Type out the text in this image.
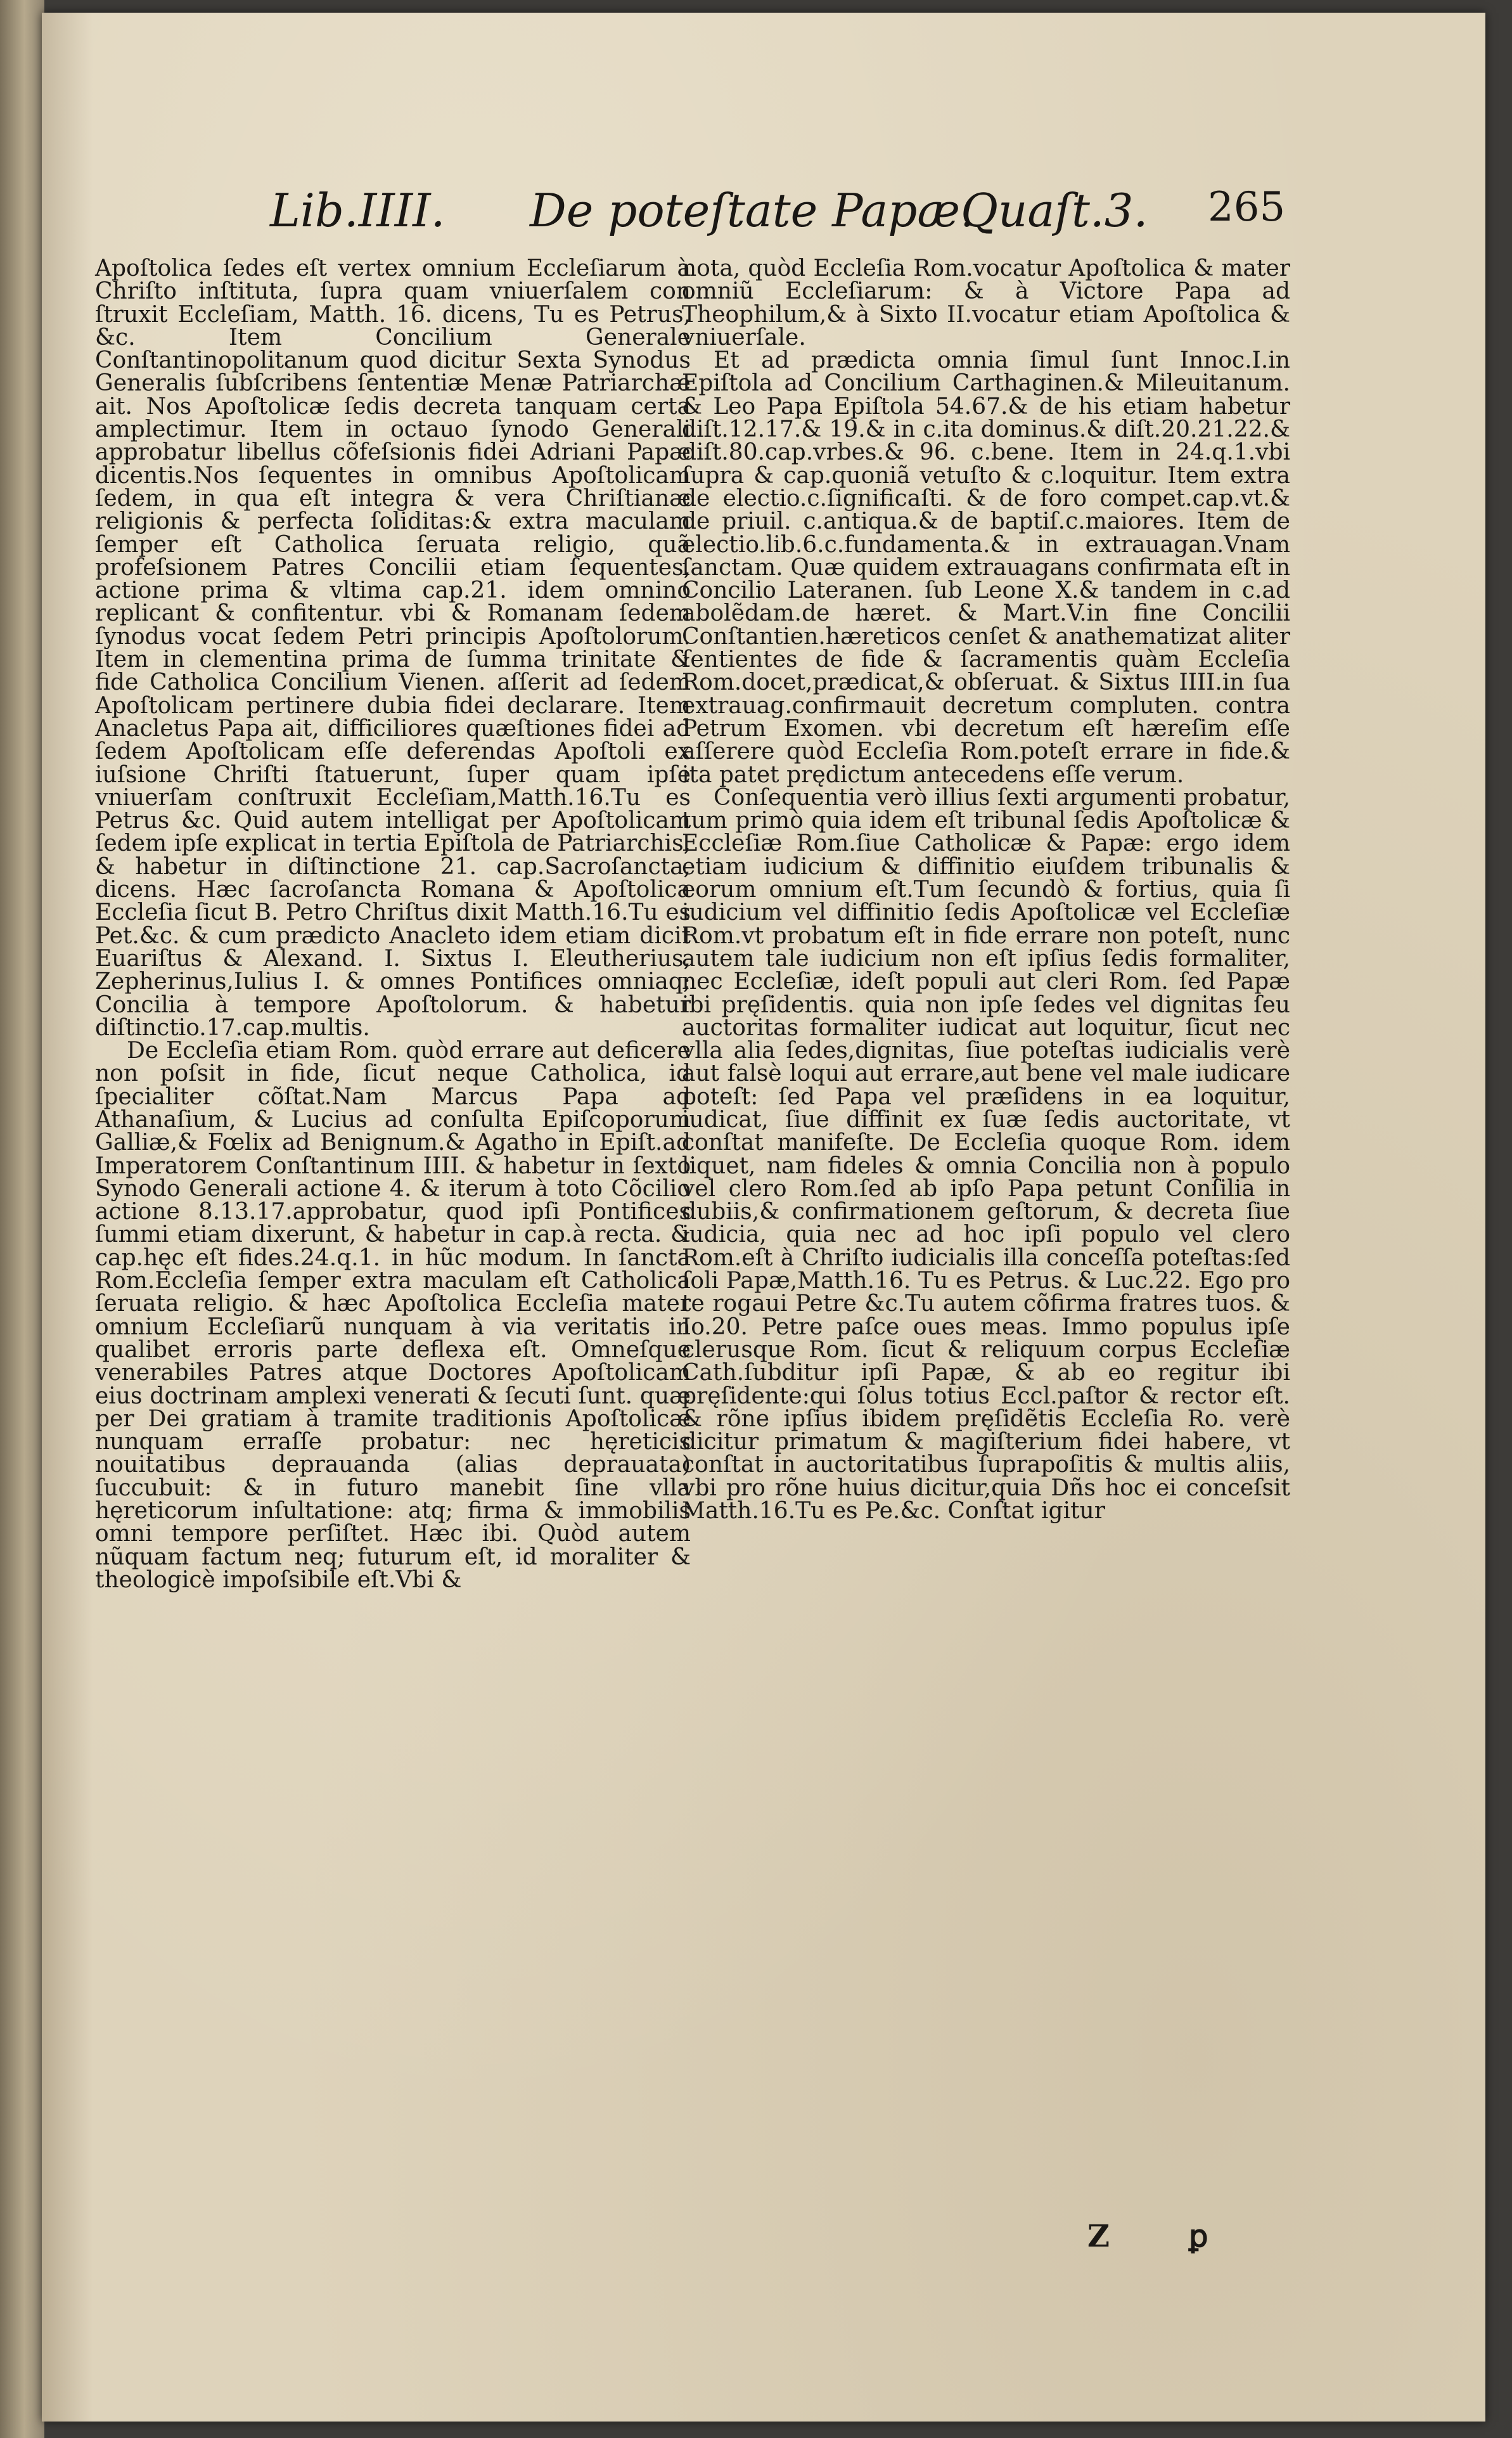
Lib.IIII. De poteſtate Papæ.
Quaſt.3. 265

Apoſtolica ſedes eſt vertex omnium Eccleſiarum à Chriſto inſtituta, ſupra quam vniuerſalem con ſtruxit Eccleſiam, Matth. 16. dicens, Tu es Petrus, &c. Item Concilium Generale Conſtantinopolitanum quod dicitur Sexta Synodus Generalis ſubſcribens ſententiæ Menæ Patriarchæ ait. Nos Apoſtolicæ ſedis decreta tanquam certa amplectimur. Item in octauo ſynodo Generali approbatur libellus cõfeſsionis fidei Adriani Papæ dicentis.Nos ſequentes in omnibus Apoſtolicam ſedem, in qua eſt integra & vera Chriſtianæ religionis & perfecta ſoliditas:& extra maculam ſemper eſt Catholica ſeruata religio, quã profeſsionem Patres Concilii etiam ſequentes, actione prima & vltima cap.21. idem omnino replicant & confitentur. vbi & Romanam ſedem ſynodus vocat ſedem Petri principis Apoſtolorum. Item in clementina prima de ſumma trinitate & fide Catholica Concilium Vienen. aſſerit ad ſedem Apoſtolicam pertinere dubia fidei declarare. Item Anacletus Papa ait, difficiliores quæſtiones fidei ad ſedem Apoſtolicam eſſe deferendas Apoſtoli ex iuſsione Chriſti ſtatuerunt, ſuper quam ipſe vniuerſam conſtruxit Eccleſiam,Matth.16.Tu es Petrus &c. Quid autem intelligat per Apoſtolicam ſedem ipſe explicat in tertia Epiſtola de Patriarchis, & habetur in diſtinctione 21. cap.Sacroſancta, dicens. Hæc ſacroſancta Romana & Apoſtolica Eccleſia ſicut B. Petro Chriſtus dixit Matth.16.Tu es Pet.&c. & cum prædicto Anacleto idem etiam dicit Euariſtus & Alexand. I. Sixtus I. Eleutherius, Zepherinus,Iulius I. & omnes Pontifices omniaq; Concilia à tempore Apoſtolorum. & habetur diſtinctio.17.cap.multis.

De Eccleſia etiam Rom. quòd errare aut deficere non poſsit in fide, ſicut neque Catholica, id ſpecialiter cõſtat.Nam Marcus Papa ad Athanaſium, & Lucius ad conſulta Epiſcoporum Galliæ,& Fœlix ad Benignum.& Agatho in Epiſt.ad Imperatorem Conſtantinum IIII. & habetur in ſexto Synodo Generali actione 4. & iterum à toto Cõcilio actione 8.13.17.approbatur, quod ipſi Pontifices ſummi etiam dixerunt, & habetur in cap.à recta. & cap.hęc eſt fides.24.q.1. in hũc modum. In ſancta Rom.Eccleſia ſemper extra maculam eſt Catholica ſeruata religio. & hæc Apoſtolica Eccleſia mater omnium Eccleſiarũ nunquam à via veritatis in qualibet erroris parte deflexa eſt. Omneſque venerabiles Patres atque Doctores Apoſtolicam eius doctrinam amplexi venerati & ſecuti ſunt. quæ per Dei gratiam à tramite traditionis Apoſtolicæ nunquam erraſſe probatur: nec hęreticis nouitatibus deprauanda (alias deprauata) ſuccubuit: & in futuro manebit ſine vlla hęreticorum inſultatione: atq; firma & immobilis omni tempore perſiſtet. Hæc ibi. Quòd autem nũquam factum neq; futurum eſt, id moraliter & theologicè impoſsibile eſt.Vbi &

nota, quòd Eccleſia Rom.vocatur Apoſtolica & mater omniũ Eccleſiarum: & à Victore Papa ad Theophilum,& à Sixto II.vocatur etiam Apoſtolica & vniuerſale.

Et ad prædicta omnia ſimul ſunt Innoc.I.in Epiſtola ad Concilium Carthaginen.& Mileuitanum. & Leo Papa Epiſtola 54.67.& de his etiam habetur diſt.12.17.& 19.& in c.ita dominus.& diſt.20.21.22.& diſt.80.cap.vrbes.& 96. c.bene. Item in 24.q.1.vbi ſupra & cap.quoniã vetuſto & c.loquitur. Item extra de electio.c.ſignificaſti. & de foro compet.cap.vt.& de priuil. c.antiqua.& de baptiſ.c.maiores. Item de electio.lib.6.c.fundamenta.& in extrauagan.Vnam ſanctam. Quæ quidem extrauagans confirmata eſt in Concilio Lateranen. ſub Leone X.& tandem in c.ad abolẽdam.de hæret. & Mart.V.in fine Concilii Conſtantien.hæreticos cenſet & anathematizat aliter ſentientes de fide & ſacramentis quàm Eccleſia Rom.docet,prædicat,& obſeruat. & Sixtus IIII.in ſua extrauag.confirmauit decretum compluten. contra Petrum Exomen. vbi decretum eſt hæreſim eſſe aſſerere quòd Eccleſia Rom.poteſt errare in fide.& ita patet prędictum antecedens eſſe verum.

Conſequentia verò illius ſexti argumenti probatur, tum primò quia idem eſt tribunal ſedis Apoſtolicæ & Eccleſiæ Rom.ſiue Catholicæ & Papæ: ergo idem etiam iudicium & diffinitio eiuſdem tribunalis & eorum omnium eſt.Tum ſecundò & fortius, quia ſi iudicium vel diffinitio ſedis Apoſtolicæ vel Eccleſiæ Rom.vt probatum eſt in fide errare non poteſt, nunc autem tale iudicium non eſt ipſius ſedis formaliter, nec Eccleſiæ, ideſt populi aut cleri Rom. ſed Papæ ibi pręſidentis. quia non ipſe ſedes vel dignitas ſeu auctoritas formaliter iudicat aut loquitur, ſicut nec vlla alia ſedes,dignitas, ſiue poteſtas iudicialis verè aut falsè loqui aut errare,aut bene vel male iudicare poteſt: ſed Papa vel præſidens in ea loquitur, iudicat, ſiue diffinit ex ſuæ ſedis auctoritate, vt conſtat manifeſte. De Eccleſia quoque Rom. idem liquet, nam fideles & omnia Concilia non à populo vel clero Rom.ſed ab ipſo Papa petunt Conſilia in dubiis,& confirmationem geſtorum, & decreta ſiue iudicia, quia nec ad hoc ipſi populo vel clero Rom.eſt à Chriſto iudicialis illa conceſſa poteſtas:ſed ſoli Papæ,Matth.16. Tu es Petrus. & Luc.22. Ego pro te rogaui Petre &c.Tu autem cõfirma fratres tuos. & Io.20. Petre paſce oues meas. Immo populus ipſe clerusque Rom. ſicut & reliquum corpus Eccleſiæ Cath.ſubditur ipſi Papæ, & ab eo regitur ibi pręſidente:qui ſolus totius Eccl.paſtor & rector eſt. & rõne ipſius ibidem pręſidẽtis Eccleſia Ro. verè dicitur primatum & magiſterium fidei habere, vt conſtat in auctoritatibus ſuprapoſitis & multis aliis, vbi pro rõne huius dicitur,quia Dñs hoc ei conceſsit Matth.16.Tu es Pe.&c. Conſtat igitur

Z	ꝑ
